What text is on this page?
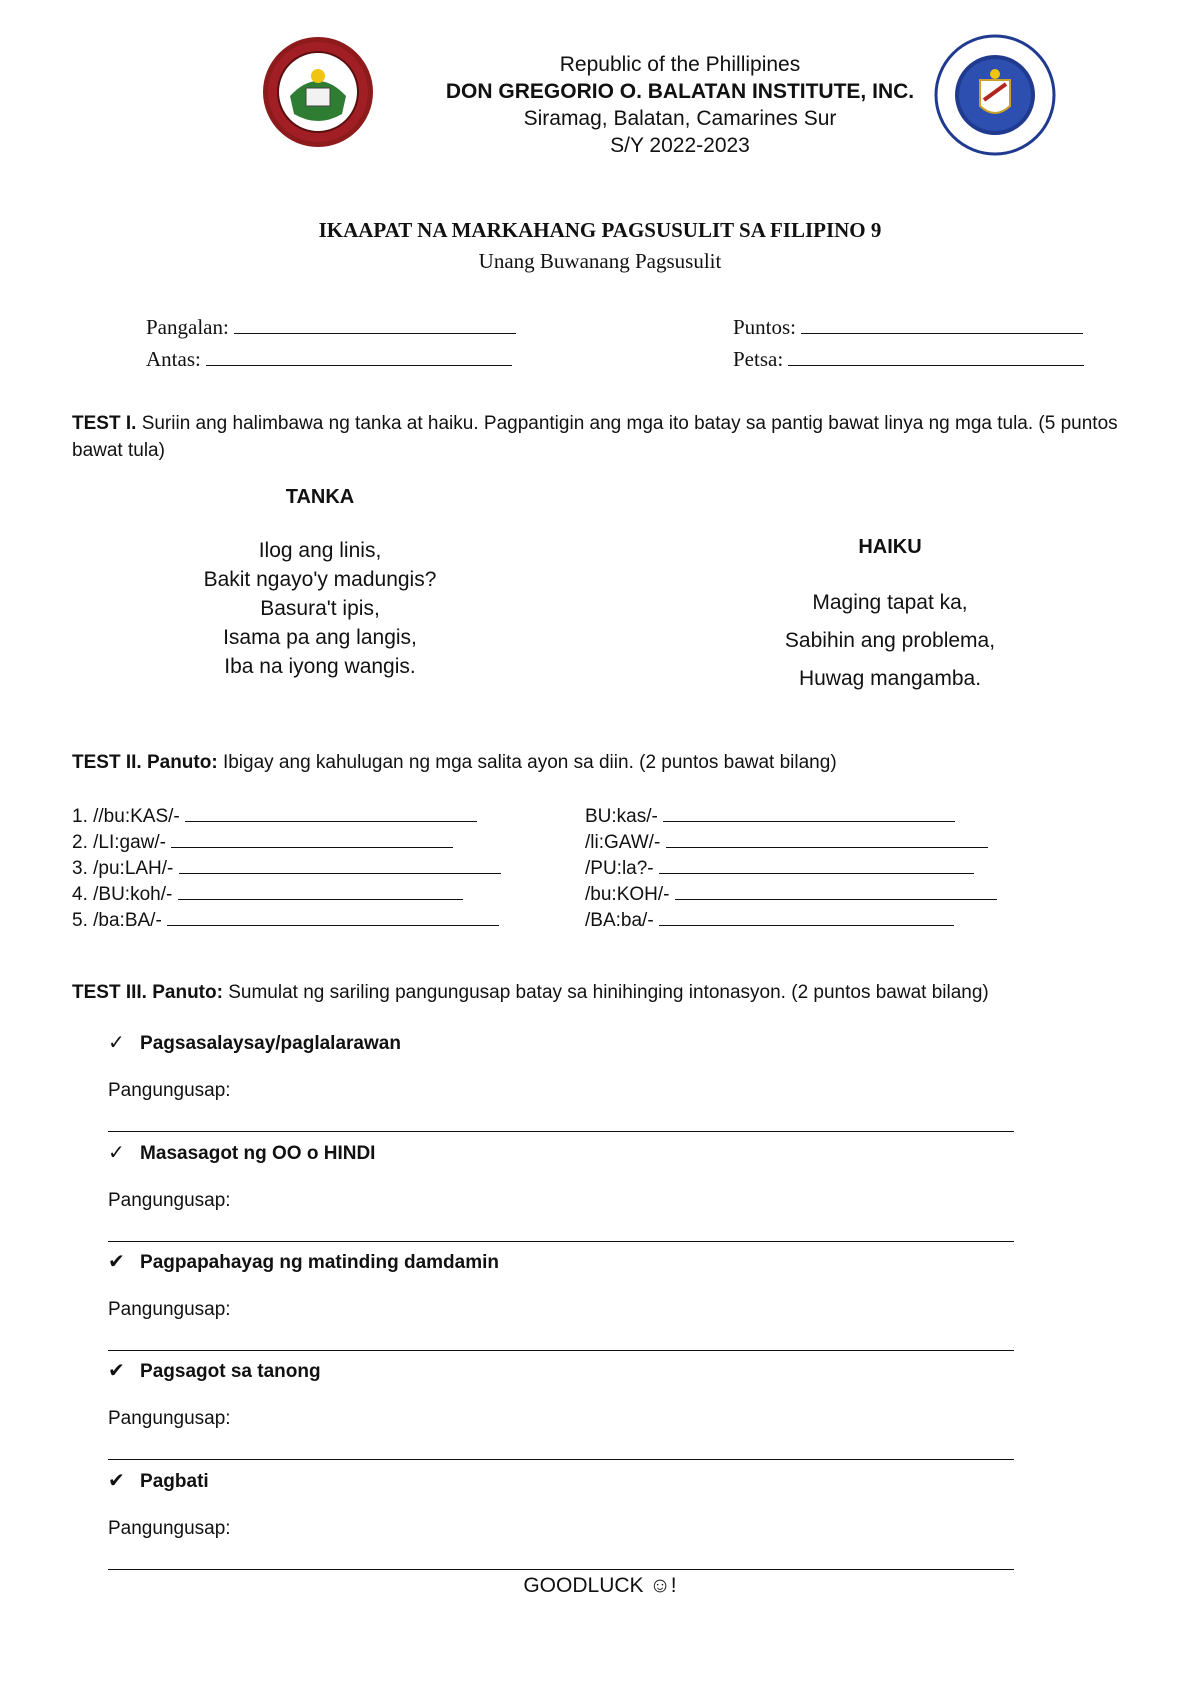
Republic of the Phillipines
DON GREGORIO O. BALATAN INSTITUTE, INC.
Siramag, Balatan, Camarines Sur
S/Y 2022-2023
IKAAPAT NA MARKAHANG PAGSUSULIT SA FILIPINO 9
Unang Buwanang Pagsusulit
Pangalan:
Antas:
Puntos:
Petsa:
TEST I. Suriin ang halimbawa ng tanka at haiku. Pagpantigin ang mga ito batay sa pantig bawat linya ng mga tula. (5 puntos bawat tula)
TANKA
Ilog ang linis,
Bakit ngayo'y madungis?
Basura't ipis,
Isama pa ang langis,
Iba na iyong wangis.
HAIKU
Maging tapat ka,
Sabihin ang problema,
Huwag mangamba.
TEST II. Panuto: Ibigay ang kahulugan ng mga salita ayon sa diin. (2 puntos bawat bilang)
1. //bu:KAS/-
2. /LI:gaw/-
3. /pu:LAH/-
4. /BU:koh/-
5. /ba:BA/-
BU:kas/-
/li:GAW/-
/PU:la?-
/bu:KOH/-
/BA:ba/-
TEST III. Panuto: Sumulat ng sariling pangungusap batay sa hinihinging intonasyon. (2 puntos bawat bilang)
✓ Pagsasalaysay/paglalarawan
Pangungusap:
✓ Masasagot ng OO o HINDI
Pangungusap:
✔ Pagpapahayag ng matinding damdamin
Pangungusap:
✔ Pagsagot sa tanong
Pangungusap:
✔ Pagbati
Pangungusap:
GOODLUCK ☺!
